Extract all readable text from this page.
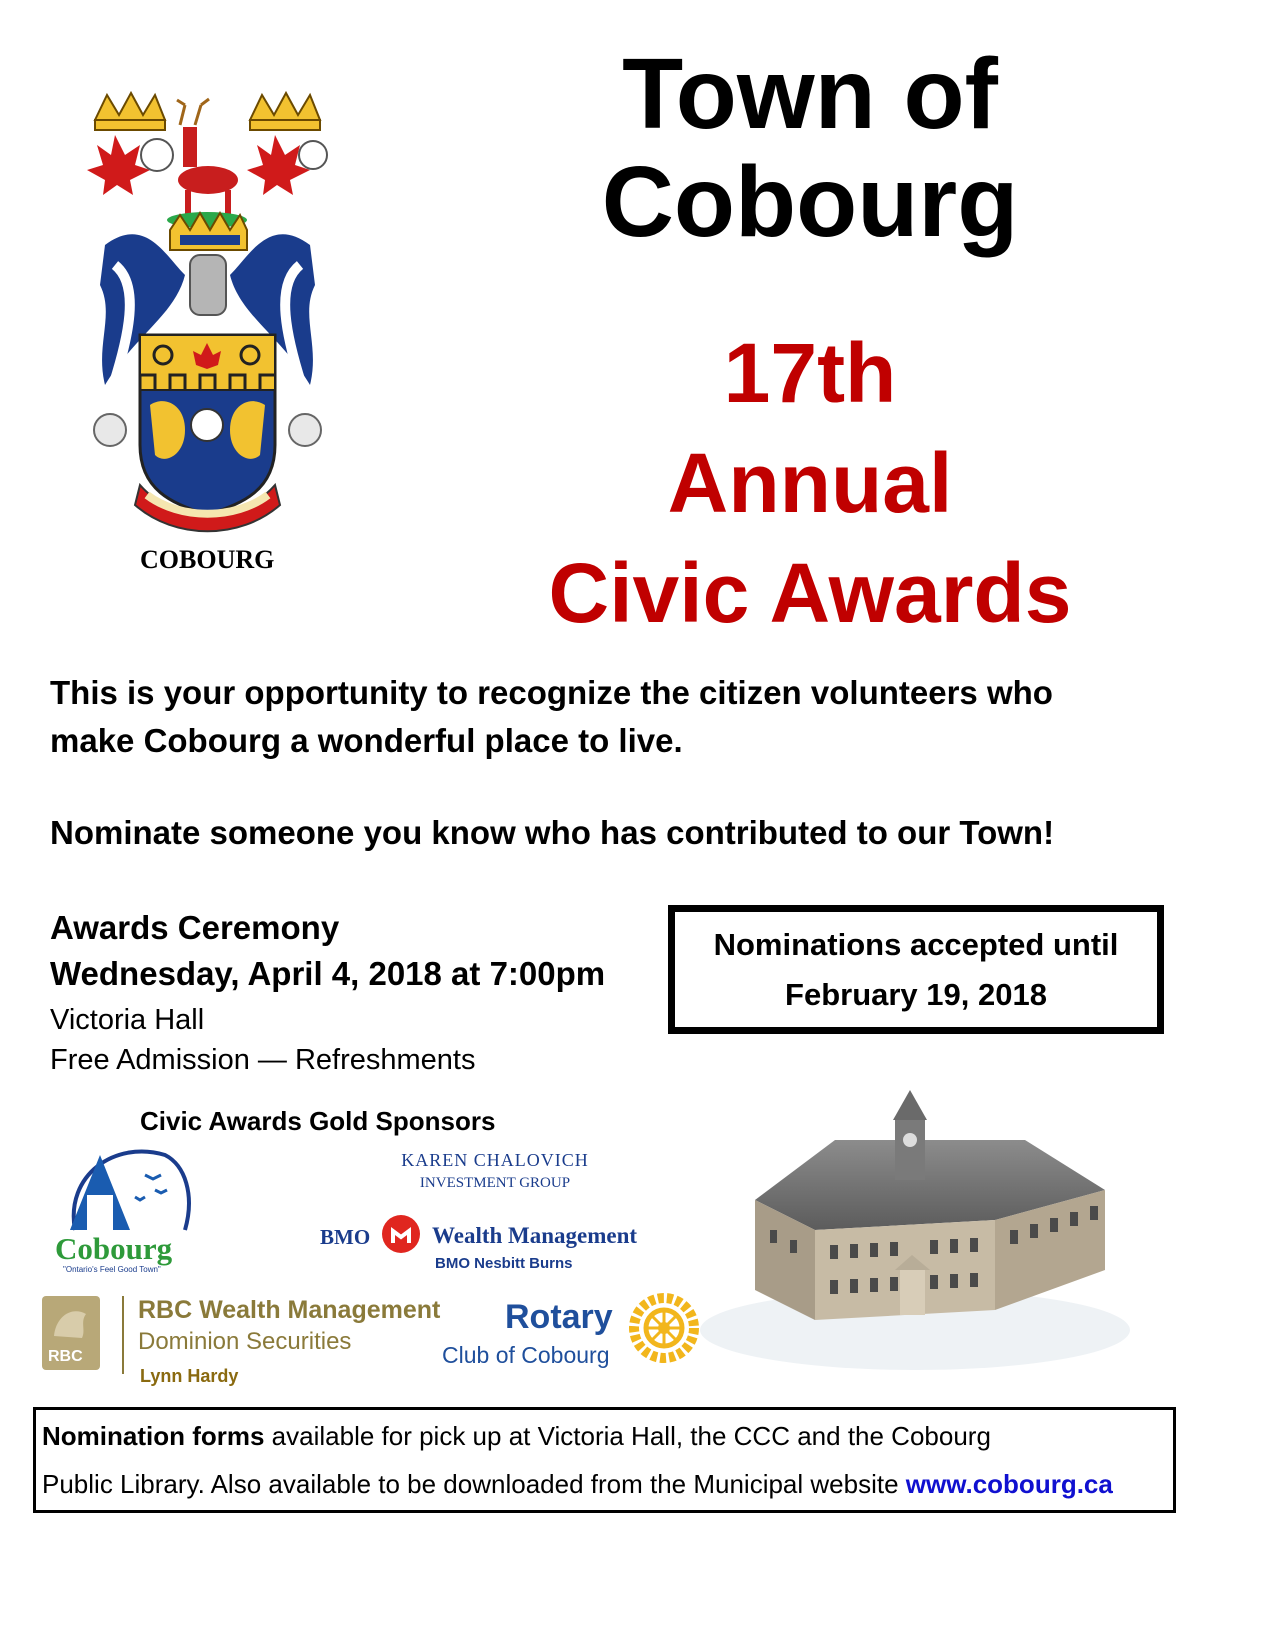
COBOURG
Town of
Cobourg
17th
Annual
Civic Awards
This is your opportunity to recognize the citizen volunteers who
make Cobourg a wonderful place to live.
Nominate someone you know who has contributed to our Town!
Awards Ceremony
Wednesday, April 4, 2018 at 7:00pm
Victoria Hall
Free Admission — Refreshments
Nominations accepted until
February 19, 2018
Civic Awards Gold Sponsors
Cobourg
"Ontario's Feel Good Town"
KAREN CHALOVICH
INVESTMENT GROUP
BMO	Wealth Management
BMO Nesbitt Burns
RBC
RBC Wealth Management
Dominion Securities
Lynn Hardy
Rotary
Club of Cobourg
Nomination forms available for pick up at Victoria Hall, the CCC and the Cobourg
Public Library. Also available to be downloaded from the Municipal website www.cobourg.ca
